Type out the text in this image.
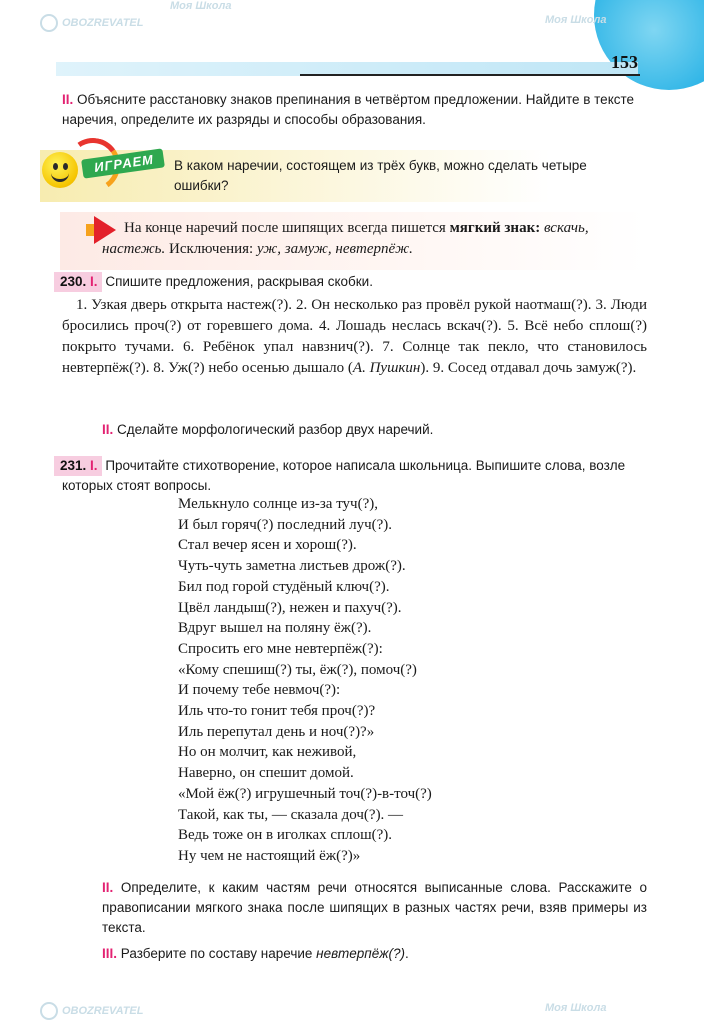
153
II. Объясните расстановку знаков препинания в четвёртом предложении. Найдите в тексте наречия, определите их разряды и способы образования.
ИГРАЕМ	В каком наречии, состоящем из трёх букв, можно сделать четыре ошибки?
На конце наречий после шипящих всегда пишется мягкий знак: вскачь, настежь. Исключения: уж, замуж, невтерпёж.
230. I. Спишите предложения, раскрывая скобки.
1. Узкая дверь открыта настеж(?). 2. Он несколько раз провёл рукой наотмаш(?). 3. Люди бросились проч(?) от горевшего дома. 4. Лошадь неслась вскач(?). 5. Всё небо сплош(?) покрыто тучами. 6. Ребёнок упал навзнич(?). 7. Солнце так пекло, что становилось невтерпёж(?). 8. Уж(?) небо осенью дышало (А. Пушкин). 9. Сосед отдавал дочь замуж(?).
II. Сделайте морфологический разбор двух наречий.
231. I. Прочитайте стихотворение, которое написала школьница. Выпишите слова, возле которых стоят вопросы.
Мелькнуло солнце из-за туч(?),
И был горяч(?) последний луч(?).
Стал вечер ясен и хорош(?).
Чуть-чуть заметна листьев дрож(?).
Бил под горой студёный ключ(?).
Цвёл ландыш(?), нежен и пахуч(?).
Вдруг вышел на поляну ёж(?).
Спросить его мне невтерпёж(?):
«Кому спешиш(?) ты, ёж(?), помоч(?)
И почему тебе невмоч(?):
Иль что-то гонит тебя проч(?)?
Иль перепутал день и ноч(?)?»
Но он молчит, как неживой,
Наверно, он спешит домой.
«Мой ёж(?) игрушечный точ(?)-в-точ(?)
Такой, как ты, — сказала доч(?). —
Ведь тоже он в иголках сплош(?).
Ну чем не настоящий ёж(?)»
II. Определите, к каким частям речи относятся выписанные слова. Расскажите о правописании мягкого знака после шипящих в разных частях речи, взяв примеры из текста.
III. Разберите по составу наречие невтерпёж(?).
OBOZREVATEL
Моя Школа
Моя Школа
OBOZREVATEL	Моя Школа
